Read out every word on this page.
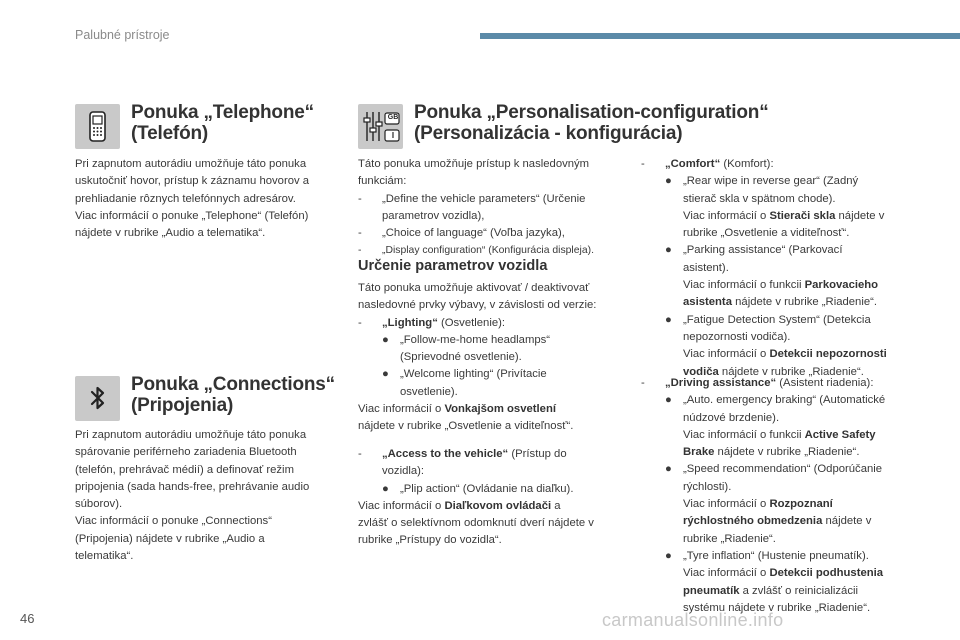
Palubné prístroje
Ponuka „Telephone“
(Telefón)

Pri zapnutom autorádiu umožňuje táto ponuka

uskutočniť hovor, prístup k záznamu hovorov a

prehliadanie rôznych telefónnych adresárov.

Viac informácií o ponuke „Telephone“ (Telefón)

nájdete v rubrike „Audio a telematika“.

Ponuka „Connections“
(Pripojenia)

Pri zapnutom autorádiu umožňuje táto ponuka

spárovanie periférneho zariadenia Bluetooth

(telefón, prehrávač médií) a definovať režim

pripojenia (sada hands-free, prehrávanie audio

súborov).

Viac informácií o ponuke „Connections“

(Pripojenia) nájdete v rubrike „Audio a

telematika“.

GB
I
Ponuka „Personalisation-configuration“
(Personalizácia - konfigurácia)

Táto ponuka umožňuje prístup k nasledovným

funkciám:

- „Define the vehicle parameters“ (Určenie
parametrov vozidla),
- „Choice of language“ (Voľba jazyka),
- „Display configuration“ (Konfigurácia displeja).
Určenie parametrov vozidla

Táto ponuka umožňuje aktivovať / deaktivovať

nasledovné prvky výbavy, v závislosti od verzie:

- „Lighting“ (Osvetlenie):
● „Follow-me-home headlamps“
(Sprievodné osvetlenie).
● „Welcome lighting“ (Privítacie
osvetlenie).

Viac informácií o Vonkajšom osvetlení

nájdete v rubrike „Osvetlenie a viditeľnosť“.

- „Access to the vehicle“ (Prístup do
vozidla):
● „Plip action“ (Ovládanie na diaľku).

Viac informácií o Diaľkovom ovládači a

zvlášť o selektívnom odomknutí dverí nájdete v

rubrike „Prístupy do vozidla“.

- „Comfort“ (Komfort):
● „Rear wipe in reverse gear“ (Zadný
stierač skla v spätnom chode).
Viac informácií o Stierači skla nájdete v
rubrike „Osvetlenie a viditeľnosť“.
● „Parking assistance“ (Parkovací
asistent).
Viac informácií o funkcii Parkovacieho
asistenta nájdete v rubrike „Riadenie“.
● „Fatigue Detection System“ (Detekcia
nepozornosti vodiča).
Viac informácií o Detekcii nepozornosti
vodiča nájdete v rubrike „Riadenie“.
- „Driving assistance“ (Asistent riadenia):
● „Auto. emergency braking“ (Automatické
núdzové brzdenie).
Viac informácií o funkcii Active Safety
Brake nájdete v rubrike „Riadenie“.
● „Speed recommendation“ (Odporúčanie
rýchlosti).
Viac informácií o Rozpoznaní
rýchlostného obmedzenia nájdete v
rubrike „Riadenie“.
● „Tyre inflation“ (Hustenie pneumatík).
Viac informácií o Detekcii podhustenia
pneumatík a zvlášť o reinicializácii
systému nájdete v rubrike „Riadenie“.
46	carmanualsonline.info
